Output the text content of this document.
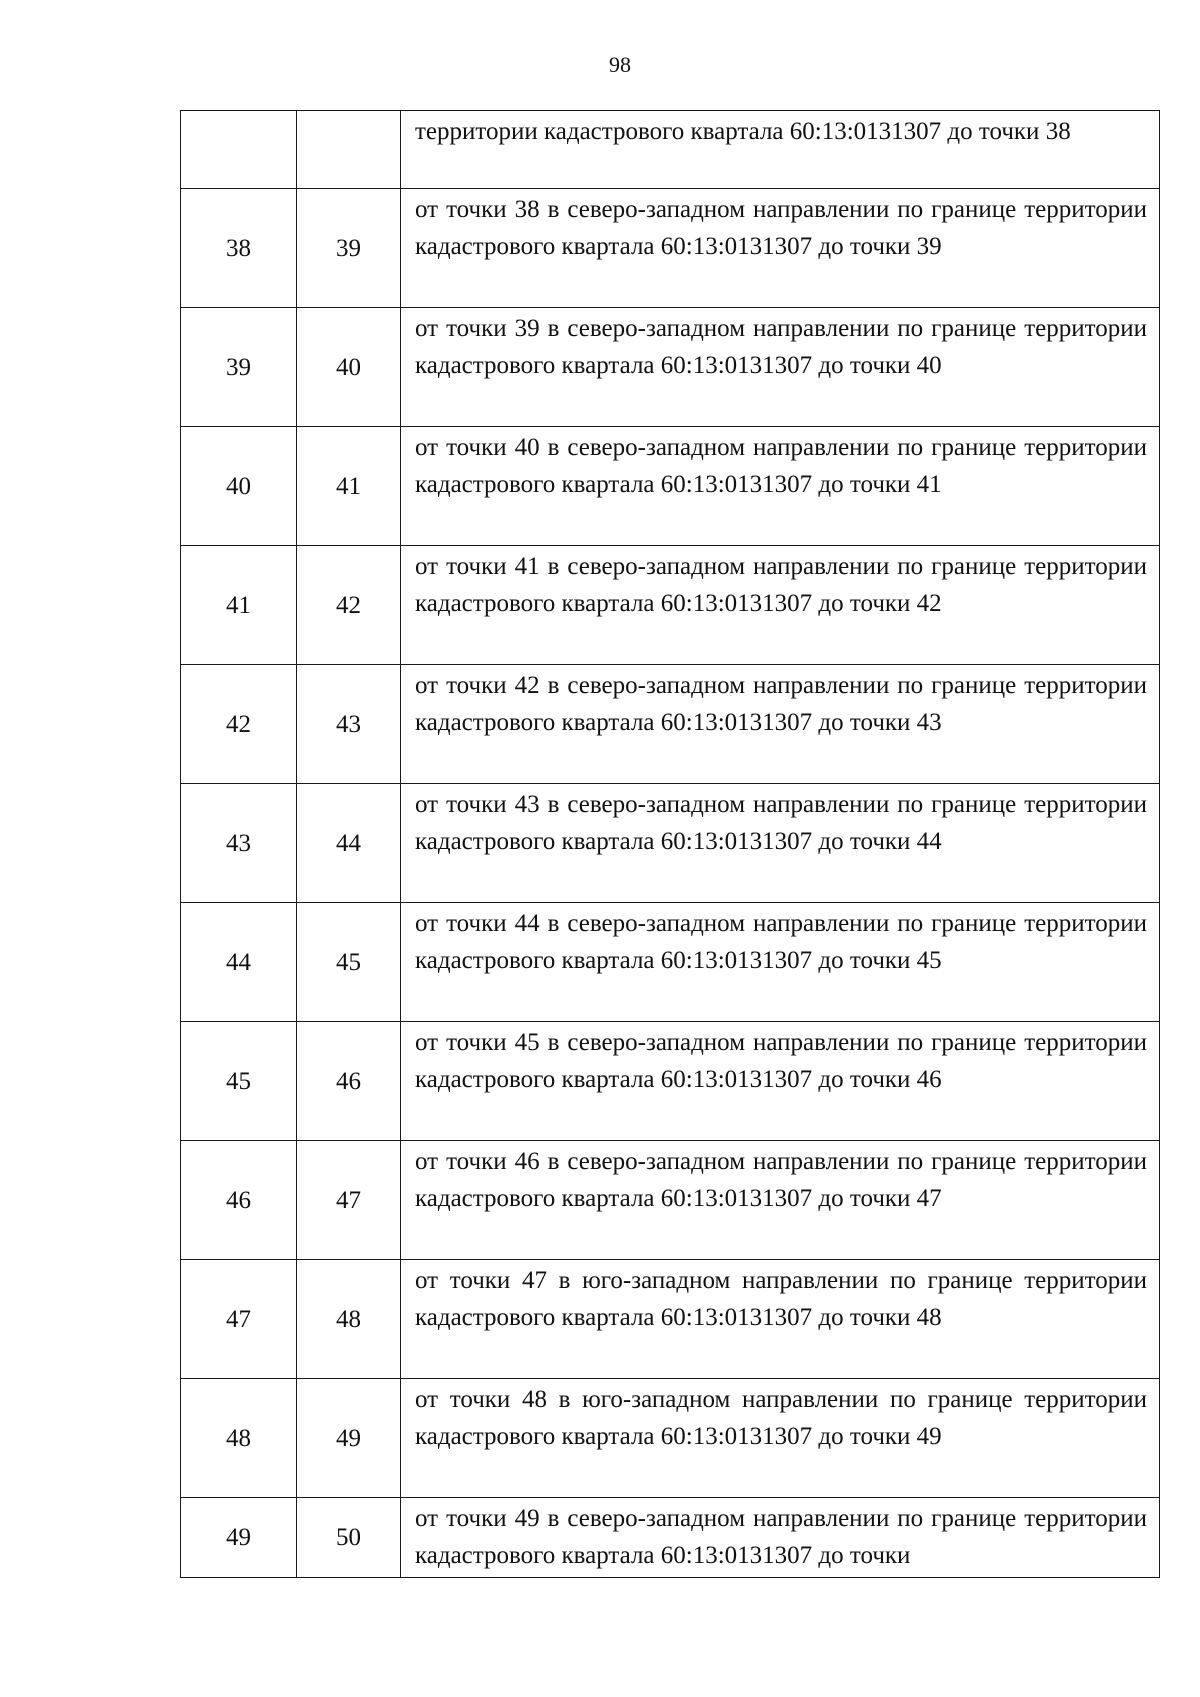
98

		территории кадастрового квартала 60:13:0131307 до точки 38

38	39	от точки 38 в северо-западном направлении по границе территории кадастрового квартала 60:13:0131307 до точки 39

39	40	от точки 39 в северо-западном направлении по границе территории кадастрового квартала 60:13:0131307 до точки 40

40	41	от точки 40 в северо-западном направлении по границе территории кадастрового квартала 60:13:0131307 до точки 41

41	42	от точки 41 в северо-западном направлении по границе территории кадастрового квартала 60:13:0131307 до точки 42

42	43	от точки 42 в северо-западном направлении по границе территории кадастрового квартала 60:13:0131307 до точки 43

43	44	от точки 43 в северо-западном направлении по границе территории кадастрового квартала 60:13:0131307 до точки 44

44	45	от точки 44 в северо-западном направлении по границе территории кадастрового квартала 60:13:0131307 до точки 45

45	46	от точки 45 в северо-западном направлении по границе территории кадастрового квартала 60:13:0131307 до точки 46

46	47	от точки 46 в северо-западном направлении по границе территории кадастрового квартала 60:13:0131307 до точки 47

47	48	от точки 47 в юго-западном направлении по границе территории кадастрового квартала 60:13:0131307 до точки 48

48	49	от точки 48 в юго-западном направлении по границе территории кадастрового квартала 60:13:0131307 до точки 49

49	50	от точки 49 в северо-западном направлении по границе территории кадастрового квартала 60:13:0131307 до точки
